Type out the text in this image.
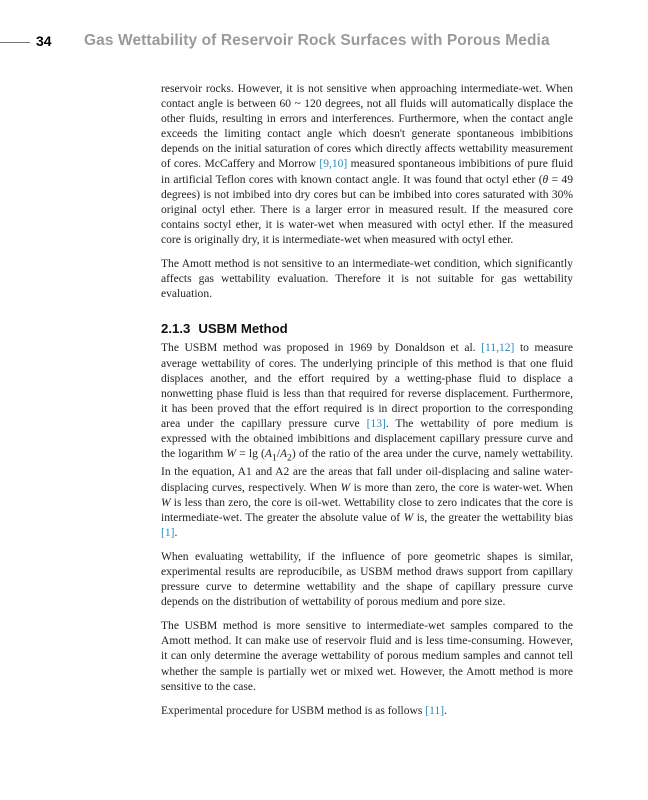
34 Gas Wettability of Reservoir Rock Surfaces with Porous Media

reservoir rocks. However, it is not sensitive when approaching intermediate-wet. When contact angle is between 60 ~ 120 degrees, not all fluids will automatically displace the other fluids, resulting in errors and interferences. Furthermore, when the contact angle exceeds the limiting contact angle which doesn't generate spontaneous imbibitions depends on the initial saturation of cores which directly affects wettability measurement of cores. McCaffery and Morrow [9,10] measured spontaneous imbibitions of pure fluid in artificial Teflon cores with known contact angle. It was found that octyl ether (θ = 49 degrees) is not imbibed into dry cores but can be imbibed into cores saturated with 30% original octyl ether. There is a larger error in measured result. If the measured core contains soctyl ether, it is water-wet when measured with octyl ether. If the measured core is originally dry, it is intermediate-wet when measured with octyl ether.

The Amott method is not sensitive to an intermediate-wet condition, which significantly affects gas wettability evaluation. Therefore it is not suitable for gas wettability evaluation.

2.1.3 USBM Method

The USBM method was proposed in 1969 by Donaldson et al. [11,12] to measure average wettability of cores. The underlying principle of this method is that one fluid displaces another, and the effort required by a wetting-phase fluid to displace a nonwetting phase fluid is less than that required for reverse displacement. Furthermore, it has been proved that the effort required is in direct proportion to the corresponding area under the capillary pressure curve [13]. The wettability of pore medium is expressed with the obtained imbibitions and displacement capillary pressure curve and the logarithm $W = \lg (A_1/A_2)$ of the ratio of the area under the curve, namely wettability. In the equation, A1 and A2 are the areas that fall under oil-displacing and saline water-displacing curves, respectively. When W is more than zero, the core is water-wet. When W is less than zero, the core is oil-wet. Wettability close to zero indicates that the core is intermediate-wet. The greater the absolute value of W is, the greater the wettability bias [1].

When evaluating wettability, if the influence of pore geometric shapes is similar, experimental results are reproducibile, as USBM method draws support from capillary pressure curve to determine wettability and the shape of capillary pressure curve depends on the distribution of wettability of porous medium and pore size.

The USBM method is more sensitive to intermediate-wet samples compared to the Amott method. It can make use of reservoir fluid and is less time-consuming. However, it can only determine the average wettability of porous medium samples and cannot tell whether the sample is partially wet or mixed wet. However, the Amott method is more sensitive to the case.

Experimental procedure for USBM method is as follows [11].
